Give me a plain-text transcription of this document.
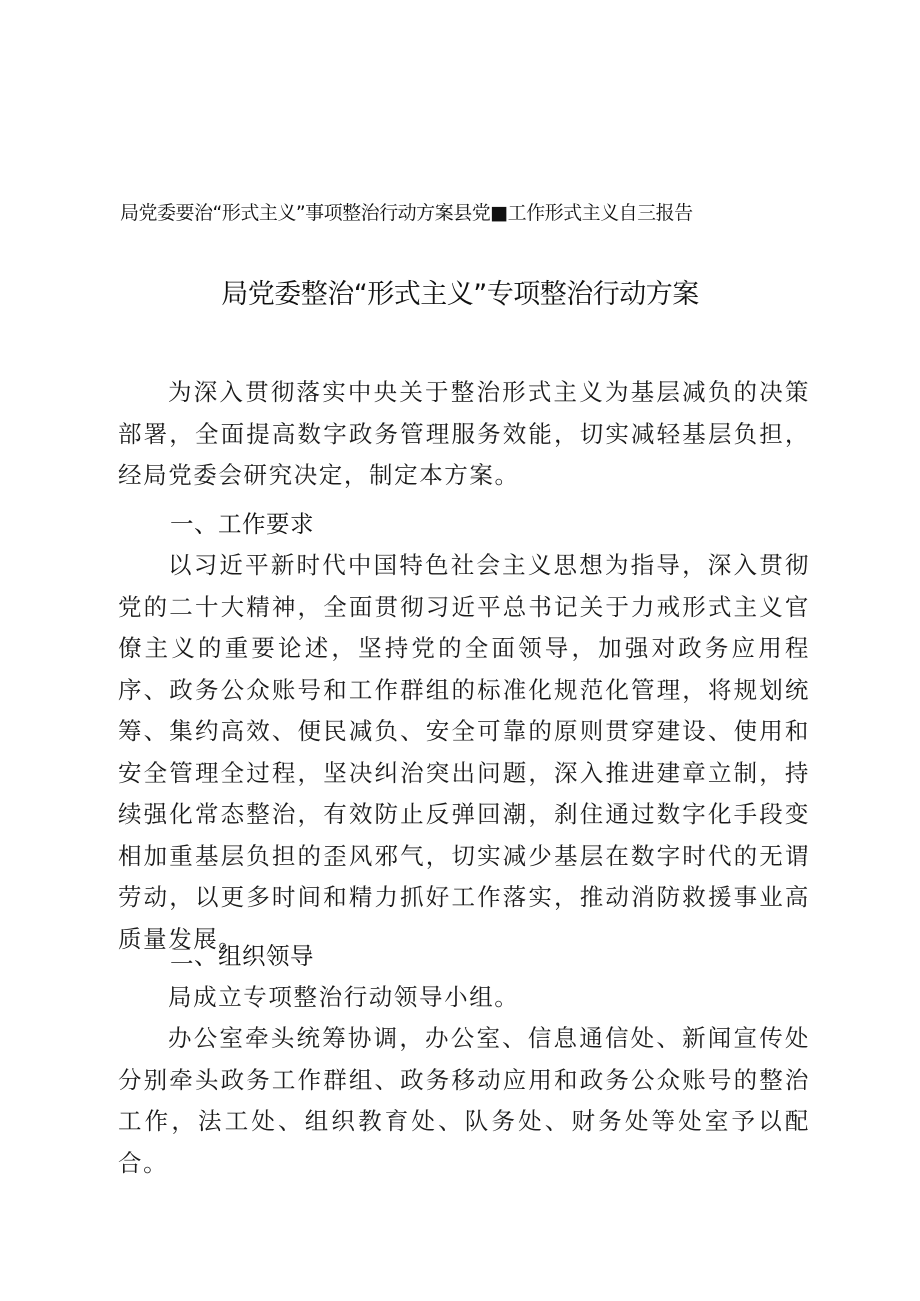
局党委要治“形式主义”事项整治行动方案县党■工作形式主义自三报告
局党委整治“形式主义”专项整治行动方案

为深入贯彻落实中央关于整治形式主义为基层减负的决策部署，全面提高数字政务管理服务效能，切实减轻基层负担，经局党委会研究决定，制定本方案。

一、工作要求

以习近平新时代中国特色社会主义思想为指导，深入贯彻党的二十大精神，全面贯彻习近平总书记关于力戒形式主义官僚主义的重要论述，坚持党的全面领导，加强对政务应用程序、政务公众账号和工作群组的标准化规范化管理，将规划统筹、集约高效、便民减负、安全可靠的原则贯穿建设、使用和安全管理全过程，坚决纠治突出问题，深入推进建章立制，持续强化常态整治，有效防止反弹回潮，刹住通过数字化手段变相加重基层负担的歪风邪气，切实减少基层在数字时代的无谓劳动，以更多时间和精力抓好工作落实，推动消防救援事业高质量发展。

二、组织领导

局成立专项整治行动领导小组。

办公室牵头统筹协调，办公室、信息通信处、新闻宣传处分别牵头政务工作群组、政务移动应用和政务公众账号的整治工作，法工处、组织教育处、队务处、财务处等处室予以配合。
